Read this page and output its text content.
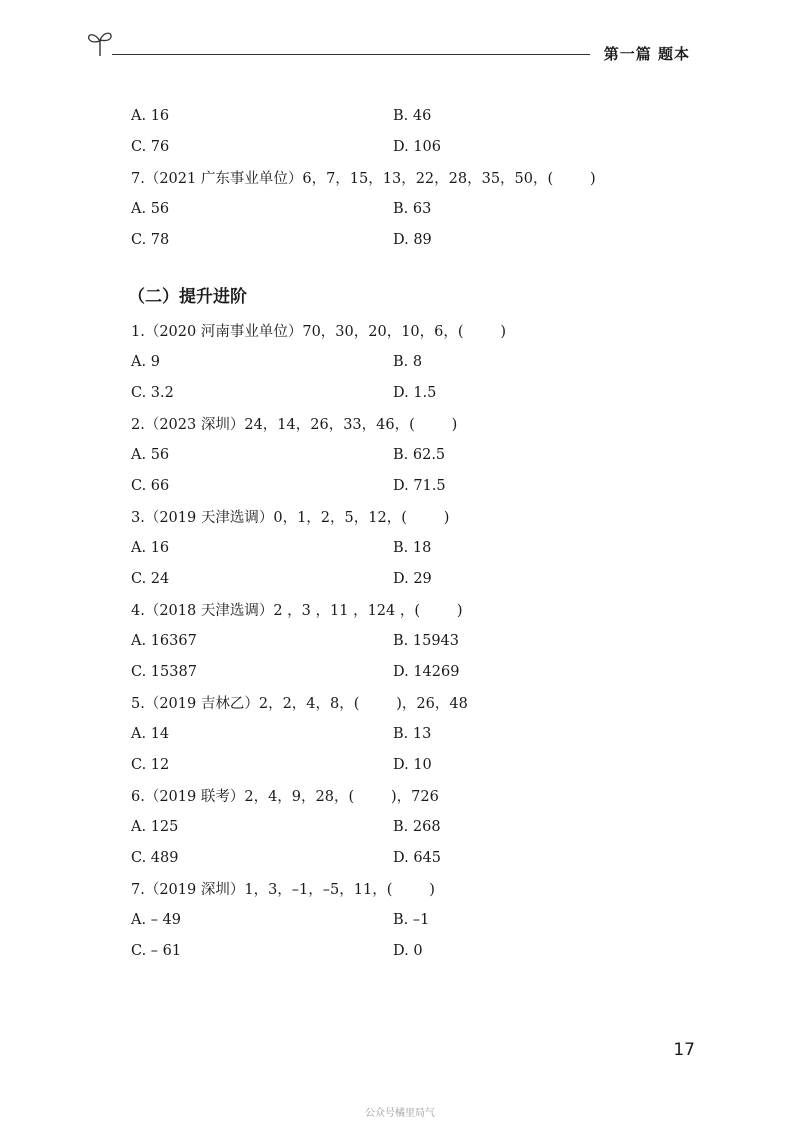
第一篇 题本
A. 16	B. 46
C. 76	D. 106
7.（2021 广东事业单位）6，7，15，13，22，28，35，50，(        )
A. 56	B. 63
C. 78	D. 89
（二）提升进阶
1.（2020 河南事业单位）70，30，20，10，6，(        )
A. 9	B. 8
C. 3.2	D. 1.5
2.（2023 深圳）24，14，26，33，46，(        )
A. 56	B. 62.5
C. 66	D. 71.5
3.（2019 天津选调）0，1，2，5，12，(        )
A. 16	B. 18
C. 24	D. 29
4.（2018 天津选调）2 ，3 ，11 ，124 ，(        )
A. 16367	B. 15943
C. 15387	D. 14269
5.（2019 吉林乙）2，2，4，8，(        )，26，48
A. 14	B. 13
C. 12	D. 10
6.（2019 联考）2，4，9，28，(        )，726
A. 125	B. 268
C. 489	D. 645
7.（2019 深圳）1，3，–1，–5，11，(        )
A. – 49	B. –1
C. – 61	D. 0
17
公众号橘里局气
